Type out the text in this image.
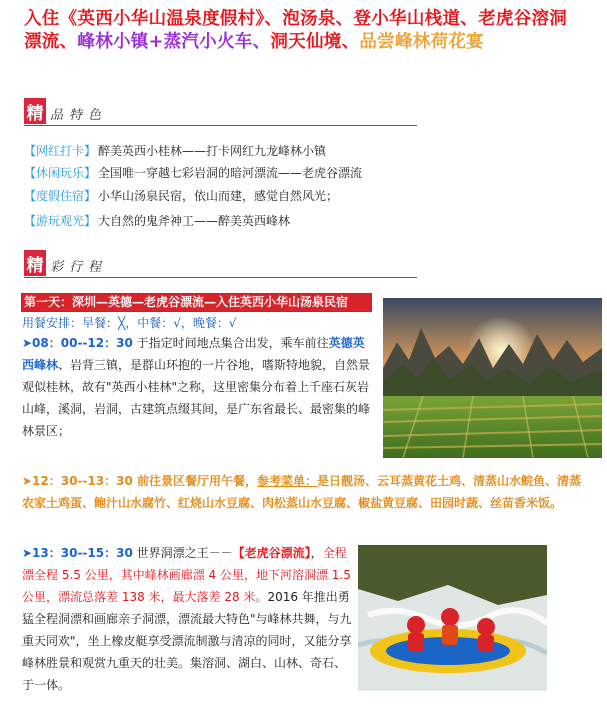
入住《英西小华山温泉度假村》、泡汤泉、登小华山栈道、老虎谷溶洞漂流、峰林小镇+蒸汽小火车、洞天仙境、品尝峰林荷花宴
精 品特色
【网红打卡】 醉美英西小桂林——打卡网红九龙峰林小镇
【休闲玩乐】 全国唯一穿越七彩岩洞的暗河漂流——老虎谷漂流
【度假住宿】 小华山汤泉民宿，依山而建，感觉自然风光；
【游玩观光】 大自然的鬼斧神工——醉美英西峰林
精 彩行程
第一天：深圳—英德—老虎谷漂流—入住英西小华山汤泉民宿
用餐安排：早餐：╳，中餐：√，晚餐：√
➤08：00--12：30 于指定时间地点集合出发，乘车前往英德英西峰林、岩背三镇，是群山环抱的一片谷地，嗜斯特地貌，自然景观似桂林，故有"英西小桂林"之称，这里密集分布着上千座石灰岩山峰，溪洞，岩洞，古建筑点缀其间，是广东省最长、最密集的峰林景区；
➤12：30--13：30 前往景区餐厅用午餐，参考菜单：是日靓汤、云耳蒸黄花土鸡、清蒸山水鲩鱼、清蒸农家土鸡蛋、鲍汁山水腐竹、红烧山水豆腐、肉松蒸山水豆腐、椒盐黄豆腐、田园时蔬、丝苗香米饭。
➤13：30--15：30 世界洞漂之王－－【老虎谷漂流】，全程漂全程 5.5 公里，其中峰林画廊漂 4 公里，地下河溶洞漂 1.5 公里，漂流总落差 138 米，最大落差 28 米。2016 年推出勇猛全程洞漂和画廊亲子洞漂，漂流最大特色"与峰林共舞，与九重天同欢"，坐上橡皮艇享受漂流制激与清凉的同时，又能分享峰林胜景和观赏九重天的壮美。集溶洞、湖白、山林、奇石、于一体。
